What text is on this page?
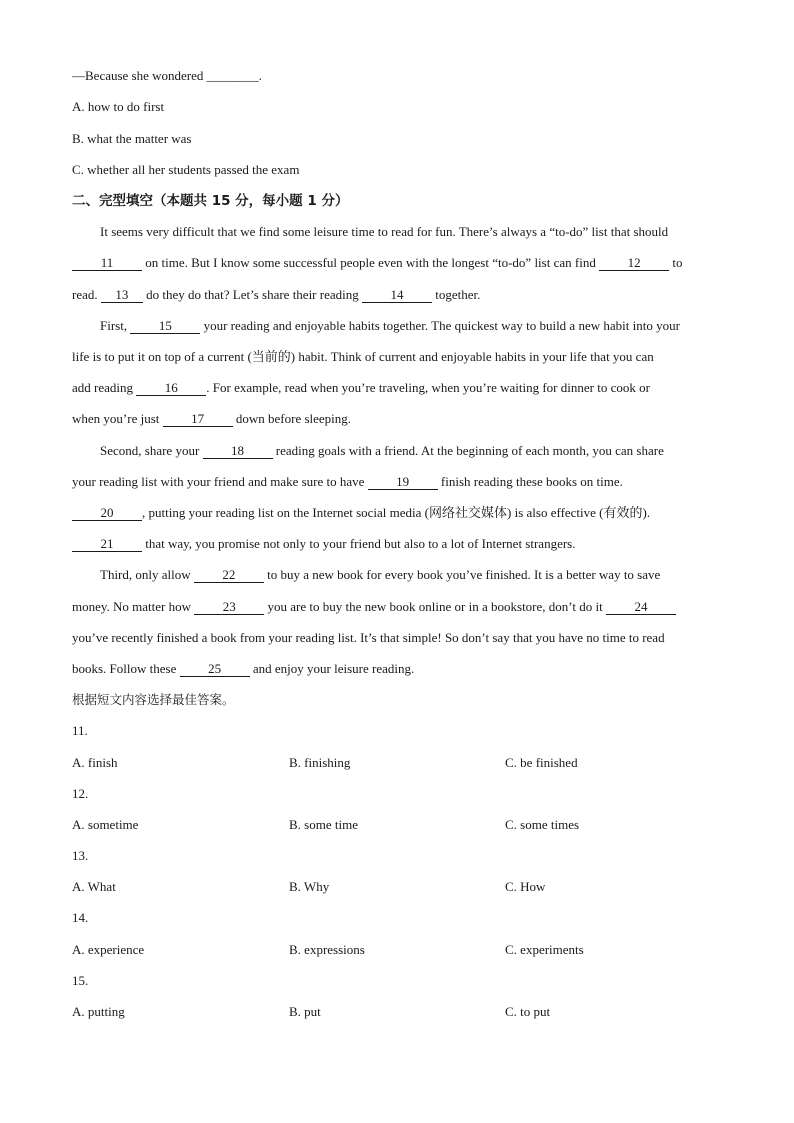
—Because she wondered ________.
A. how to do first
B. what the matter was
C. whether all her students passed the exam
二、完型填空（本题共 15 分，每小题 1 分）
It seems very difficult that we find some leisure time to read for fun. There’s always a “to-do” list that should
11 on time. But I know some successful people even with the longest “to-do” list can find 12 to
read. 13 do they do that? Let’s share their reading 14 together.
First, 15 your reading and enjoyable habits together. The quickest way to build a new habit into your
life is to put it on top of a current (当前的) habit. Think of current and enjoyable habits in your life that you can
add reading 16 . For example, read when you’re traveling, when you’re waiting for dinner to cook or
when you’re just 17 down before sleeping.
Second, share your 18 reading goals with a friend. At the beginning of each month, you can share
your reading list with your friend and make sure to have 19 finish reading these books on time.
20 , putting your reading list on the Internet social media (网络社交媒体) is also effective (有效的).
21 that way, you promise not only to your friend but also to a lot of Internet strangers.
Third, only allow 22 to buy a new book for every book you’ve finished. It is a better way to save
money. No matter how 23 you are to buy the new book online or in a bookstore, don’t do it 24
you’ve recently finished a book from your reading list. It’s that simple! So don’t say that you have no time to read
books. Follow these 25 and enjoy your leisure reading.
根据短文内容选择最佳答案。
11.
A. finish	B. finishing	C. be finished
12.
A. sometime	B. some time	C. some times
13.
A. What	B. Why	C. How
14.
A. experience	B. expressions	C. experiments
15.
A. putting	B. put	C. to put
